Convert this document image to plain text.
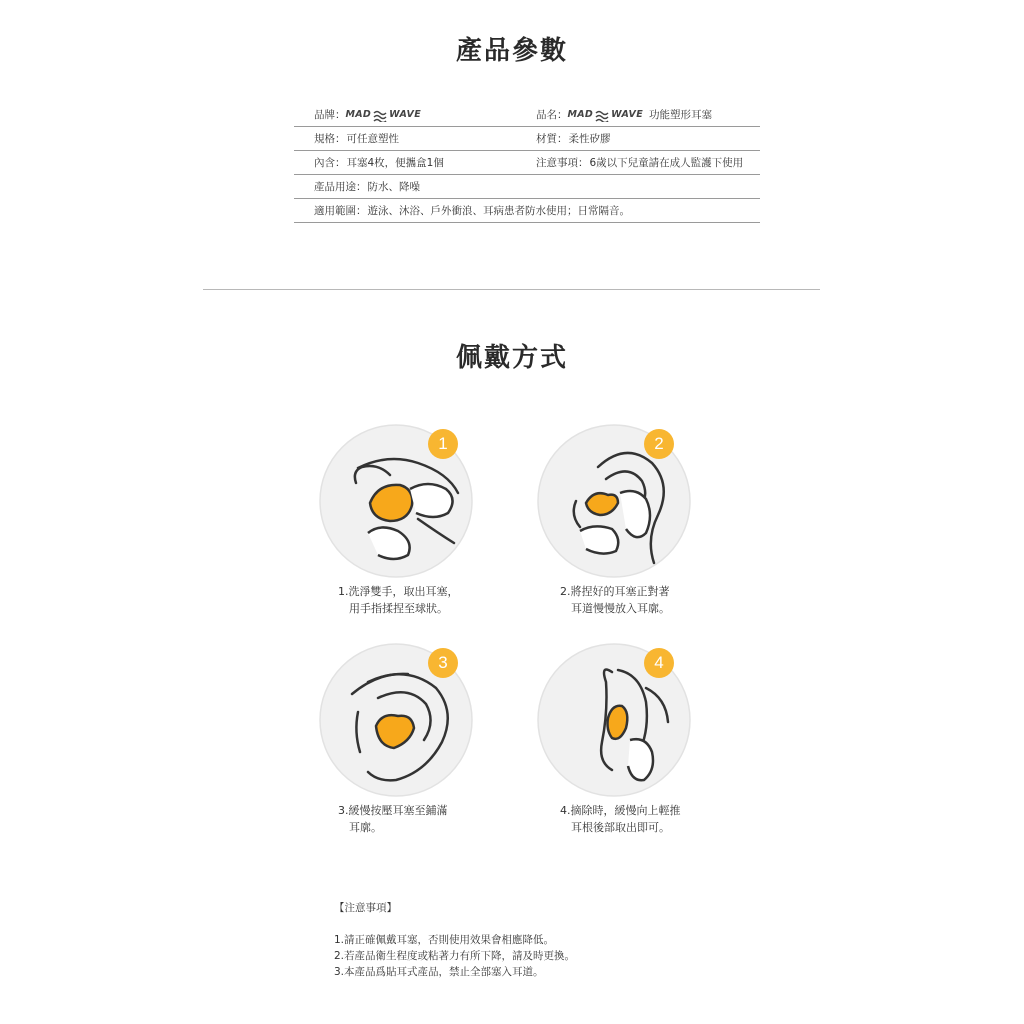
產品參數
品牌： MAD WAVE	品名： MAD WAVE 功能塑形耳塞
規格： 可任意塑性	材質： 柔性矽膠
內含： 耳塞4枚，便攜盒1個	注意事項： 6歲以下兒童請在成人監護下使用
產品用途： 防水、降噪
適用範圍： 遊泳、沐浴、戶外衝浪、耳病患者防水使用；日常隔音。
佩戴方式
1
1.洗淨雙手，取出耳塞，
用手指揉捏至球狀。
2
2.將捏好的耳塞正對著
耳道慢慢放入耳廓。
3
3.緩慢按壓耳塞至鋪滿
耳廓。
4
4.摘除時，緩慢向上輕推
耳根後部取出即可。
【注意事項】
1.請正確佩戴耳塞，否則使用效果會相應降低。
2.若產品衛生程度或粘著力有所下降，請及時更換。
3.本產品爲貼耳式產品，禁止全部塞入耳道。
